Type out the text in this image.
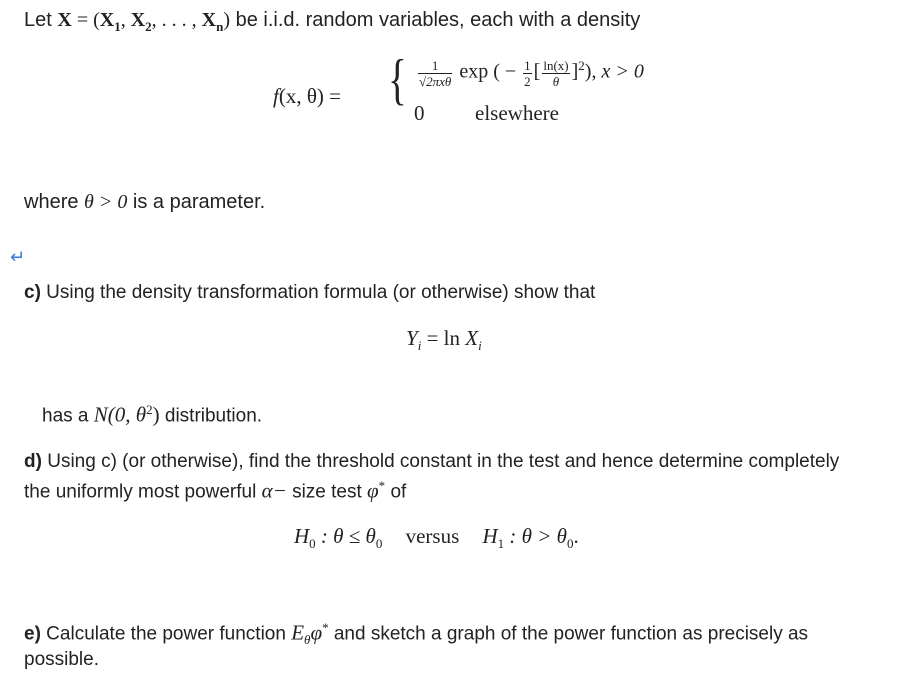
Let $X = (X_1$, $X_2$, . . . , $X_n$) be i.i.d. random variables, each with a density
f(x, θ) = { $\frac{1}{\text{√2πxθ}}$ exp ( − $\frac{1}{2}$ [ $\frac{\ln(x)}{\theta} ]^2$), x > 0
0 elsewhere
where θ > 0 is a parameter.
↵
c) Using the density transformation formula (or otherwise) show that
$Y_i = \ln X_i$
has a N(0, $\theta^2$) distribution.
d) Using c) (or otherwise), find the threshold constant in the test and hence determine completely
the uniformly most powerful α− size test φ* of
$H_0$ : $\theta \le \theta_0$ versus $H_1$ : $\theta > \theta_0$.
e) Calculate the power function $E_\theta\varphi^*$ and sketch a graph of the power function as precisely as
possible.
